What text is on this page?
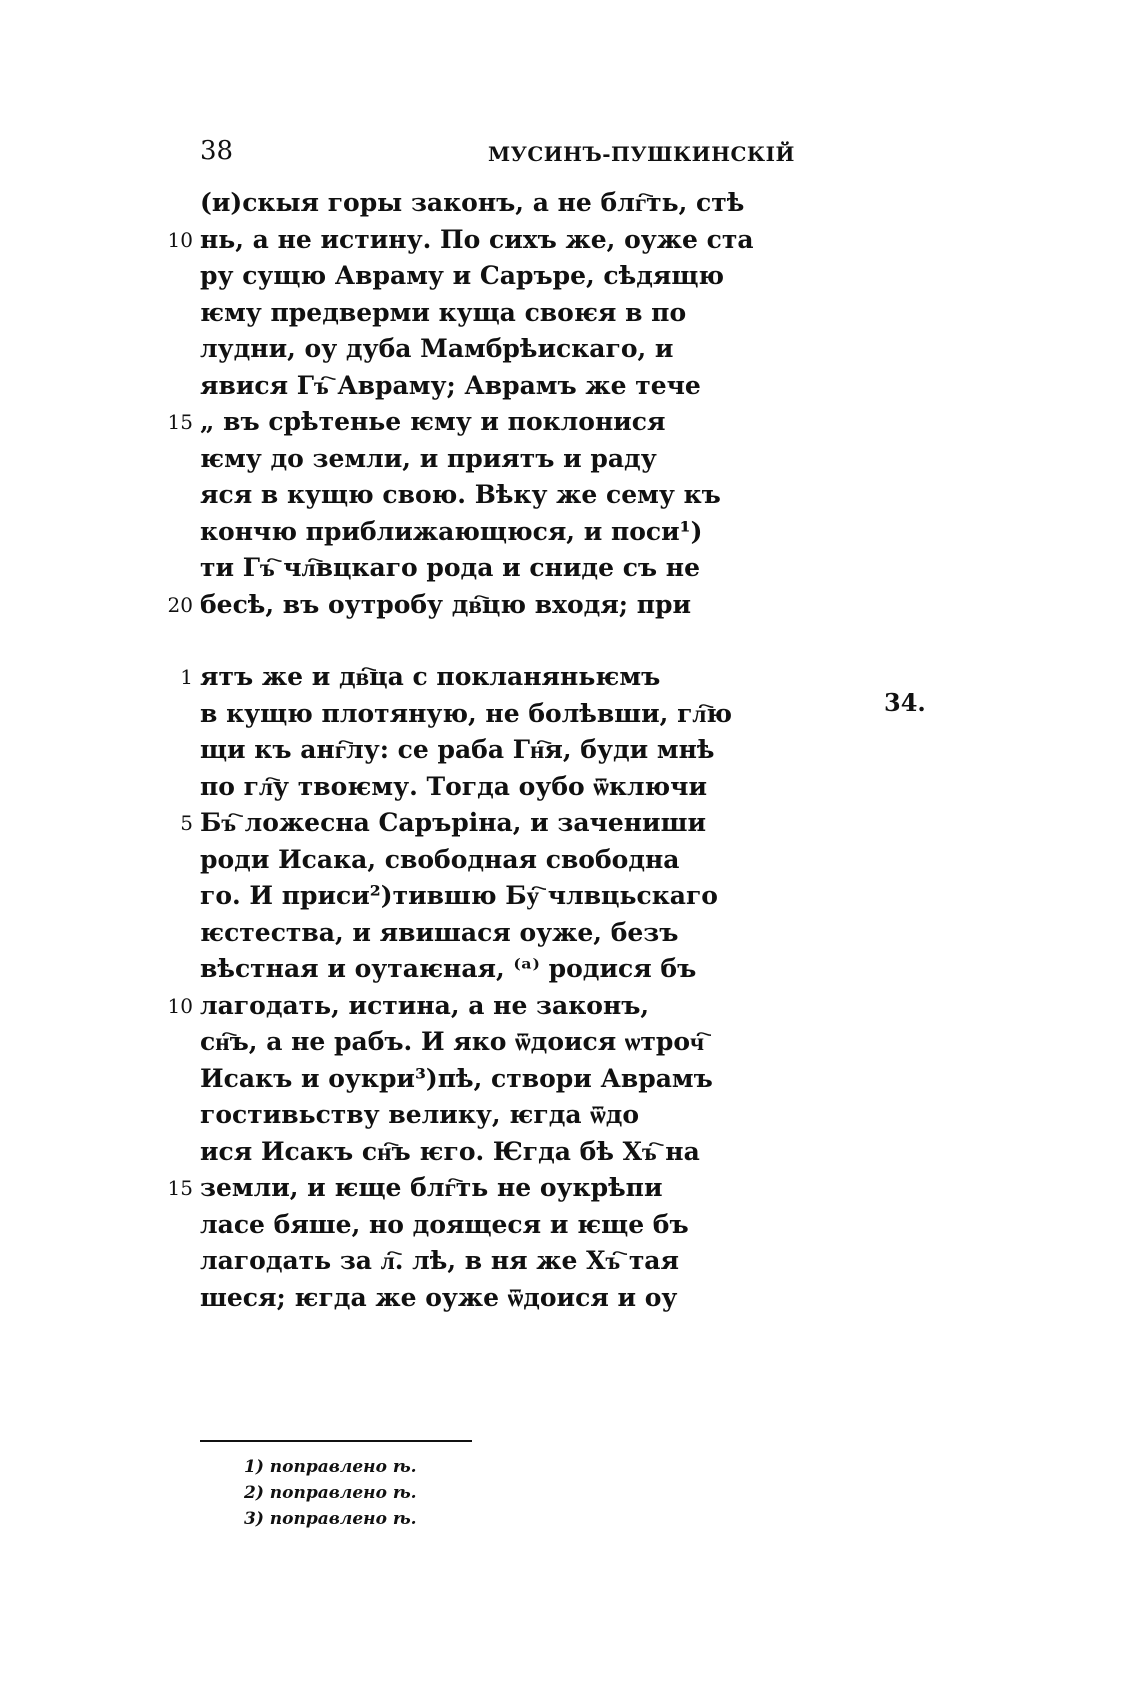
38	МУСИНЪ-ПУШКИНСКІЙ
(и)скыя горы законъ, а не блг҇ть, стѣ
10 нь, а не истину. По сихъ же, оуже ста
ру сущю Авраму и Саръре, сѣдящю
ѥму предверми куща своѥя в по
лудни, оу дуба Мамбрѣискаго, и
явися Гъ҇ Авраму; Аврамъ же тече
15 „ въ срѣтенье ѥму и поклонися
ѥму до земли, и приятъ и раду
яся в кущю свою. Вѣку же сему къ
кончю приближающюся, и поси¹)
ти Гъ҇ чл҇вцкаго рода и сниде съ не
20 бесѣ, въ оутробу дв҇цю входя; при
1 ятъ же и дв҇ца с покланяньѥмъ
в кущю плотяную, не болѣвши, гл҇ю
щи къ анг҇лу: се раба Гн҇я, буди мнѣ
по гл҇у твоѥму. Тогда оубо ѿключи
5 Бъ҇ ложесна Саръріна, и зачениши
роди Исака, свободная свободна
го. И приси²)тившю Бу҇ члвцьскаго
ѥстества, и явишася оуже, безъ
вѣстная и оутаѥная, ⁽ᵃ⁾ родися бъ
10 лагодать, истина, а не законъ,
сн҇ъ, а не рабъ. И яко ѿдоися ѡтроч҇
Исакъ и оукри³)пѣ, створи Аврамъ
гостивьству велику, ѥгда ѿдо
ися Исакъ сн҇ъ ѥго. Ѥгда бѣ Хъ҇ на
15 земли, и ѥще блг҇ть не оукрѣпи
ласе бяше, но доящеся и ѥще бъ
лагодать за л҇. лѣ, в ня же Хъ҇ тая
шеся; ѥгда же оуже ѿдоися и оу
34.
1) поправлено ѣ.
2) поправлено ѣ.
3) поправлено ѣ.
